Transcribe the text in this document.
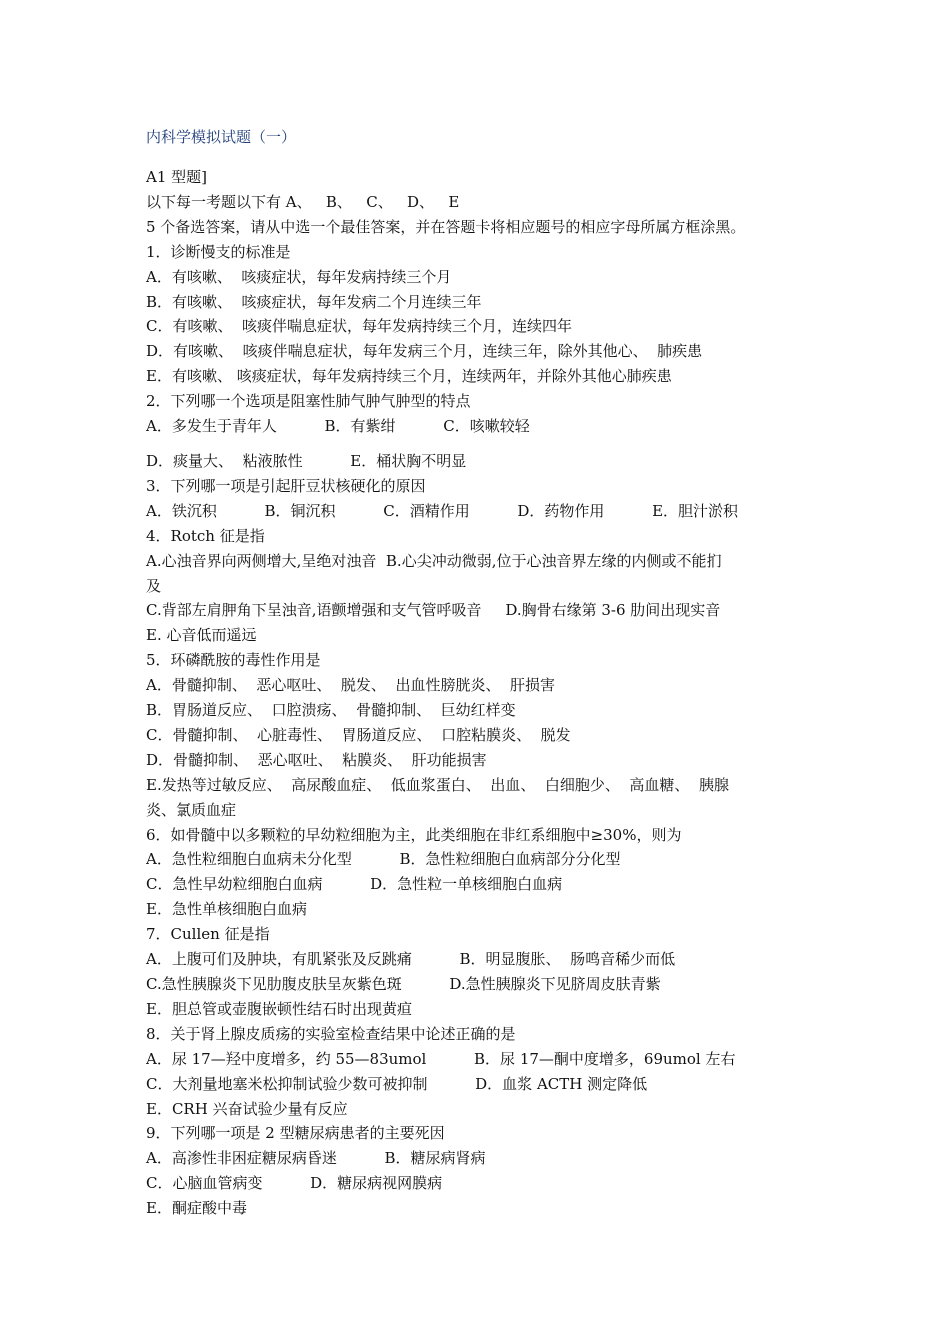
内科学模拟试题（一）
A1 型题]
以下每一考题以下有 A、   B、   C、   D、   E
5 个备选答案，请从中选一个最佳答案，并在答题卡将相应题号的相应字母所属方框涂黑。
1．诊断慢支的标准是
A．有咳嗽、  咳痰症状，每年发病持续三个月
B．有咳嗽、  咳痰症状，每年发病二个月连续三年
C．有咳嗽、  咳痰伴喘息症状，每年发病持续三个月，连续四年
D．有咳嗽、  咳痰伴喘息症状，每年发病三个月，连续三年，除外其他心、  肺疾患
E．有咳嗽、 咳痰症状，每年发病持续三个月，连续两年，并除外其他心肺疾患
2．下列哪一个选项是阻塞性肺气肿气肿型的特点
A．多发生于青年人          B．有紫绀          C．咳嗽较轻
D．痰量大、  粘液脓性          E．桶状胸不明显
3．下列哪一项是引起肝豆状核硬化的原因
A．铁沉积          B．铜沉积          C．酒精作用          D．药物作用          E．胆汁淤积
4．Rotch 征是指
A.心浊音界向两侧增大,呈绝对浊音  B.心尖冲动微弱,位于心浊音界左缘的内侧或不能扪
及
C.背部左肩胛角下呈浊音,语颤增强和支气管呼吸音     D.胸骨右缘第 3-6 肋间出现实音
E. 心音低而遥远
5．环磷酰胺的毒性作用是
A．骨髓抑制、  恶心呕吐、  脱发、  出血性膀胱炎、  肝损害
B．胃肠道反应、  口腔溃疡、  骨髓抑制、  巨幼红样变
C．骨髓抑制、  心脏毒性、  胃肠道反应、  口腔粘膜炎、  脱发
D．骨髓抑制、  恶心呕吐、  粘膜炎、  肝功能损害
E.发热等过敏反应、  高尿酸血症、  低血浆蛋白、  出血、  白细胞少、  高血糖、  胰腺
炎、氯质血症
6．如骨髓中以多颗粒的早幼粒细胞为主，此类细胞在非红系细胞中≥30%，则为
A．急性粒细胞白血病未分化型          B．急性粒细胞白血病部分分化型
C．急性早幼粒细胞白血病          D．急性粒一单核细胞白血病
E．急性单核细胞白血病
7．Cullen 征是指
A．上腹可们及肿块，有肌紧张及反跳痛          B．明显腹胀、  肠鸣音稀少而低
C.急性胰腺炎下见肋腹皮肤呈灰紫色斑          D.急性胰腺炎下见脐周皮肤青紫
E．胆总管或壶腹嵌顿性结石时出现黄疸
8．关于肾上腺皮质疡的实验室检查结果中论述正确的是
A．尿 17—羟中度增多，约 55—83umol          B．尿 17—酮中度增多，69umol 左右
C．大剂量地塞米松抑制试验少数可被抑制          D．血浆 ACTH 测定降低
E．CRH 兴奋试验少量有反应
9．下列哪一项是 2 型糖尿病患者的主要死因
A．高渗性非困症糖尿病昏迷          B．糖尿病肾病
C．心脑血管病变          D．糖尿病视网膜病
E．酮症酸中毒
